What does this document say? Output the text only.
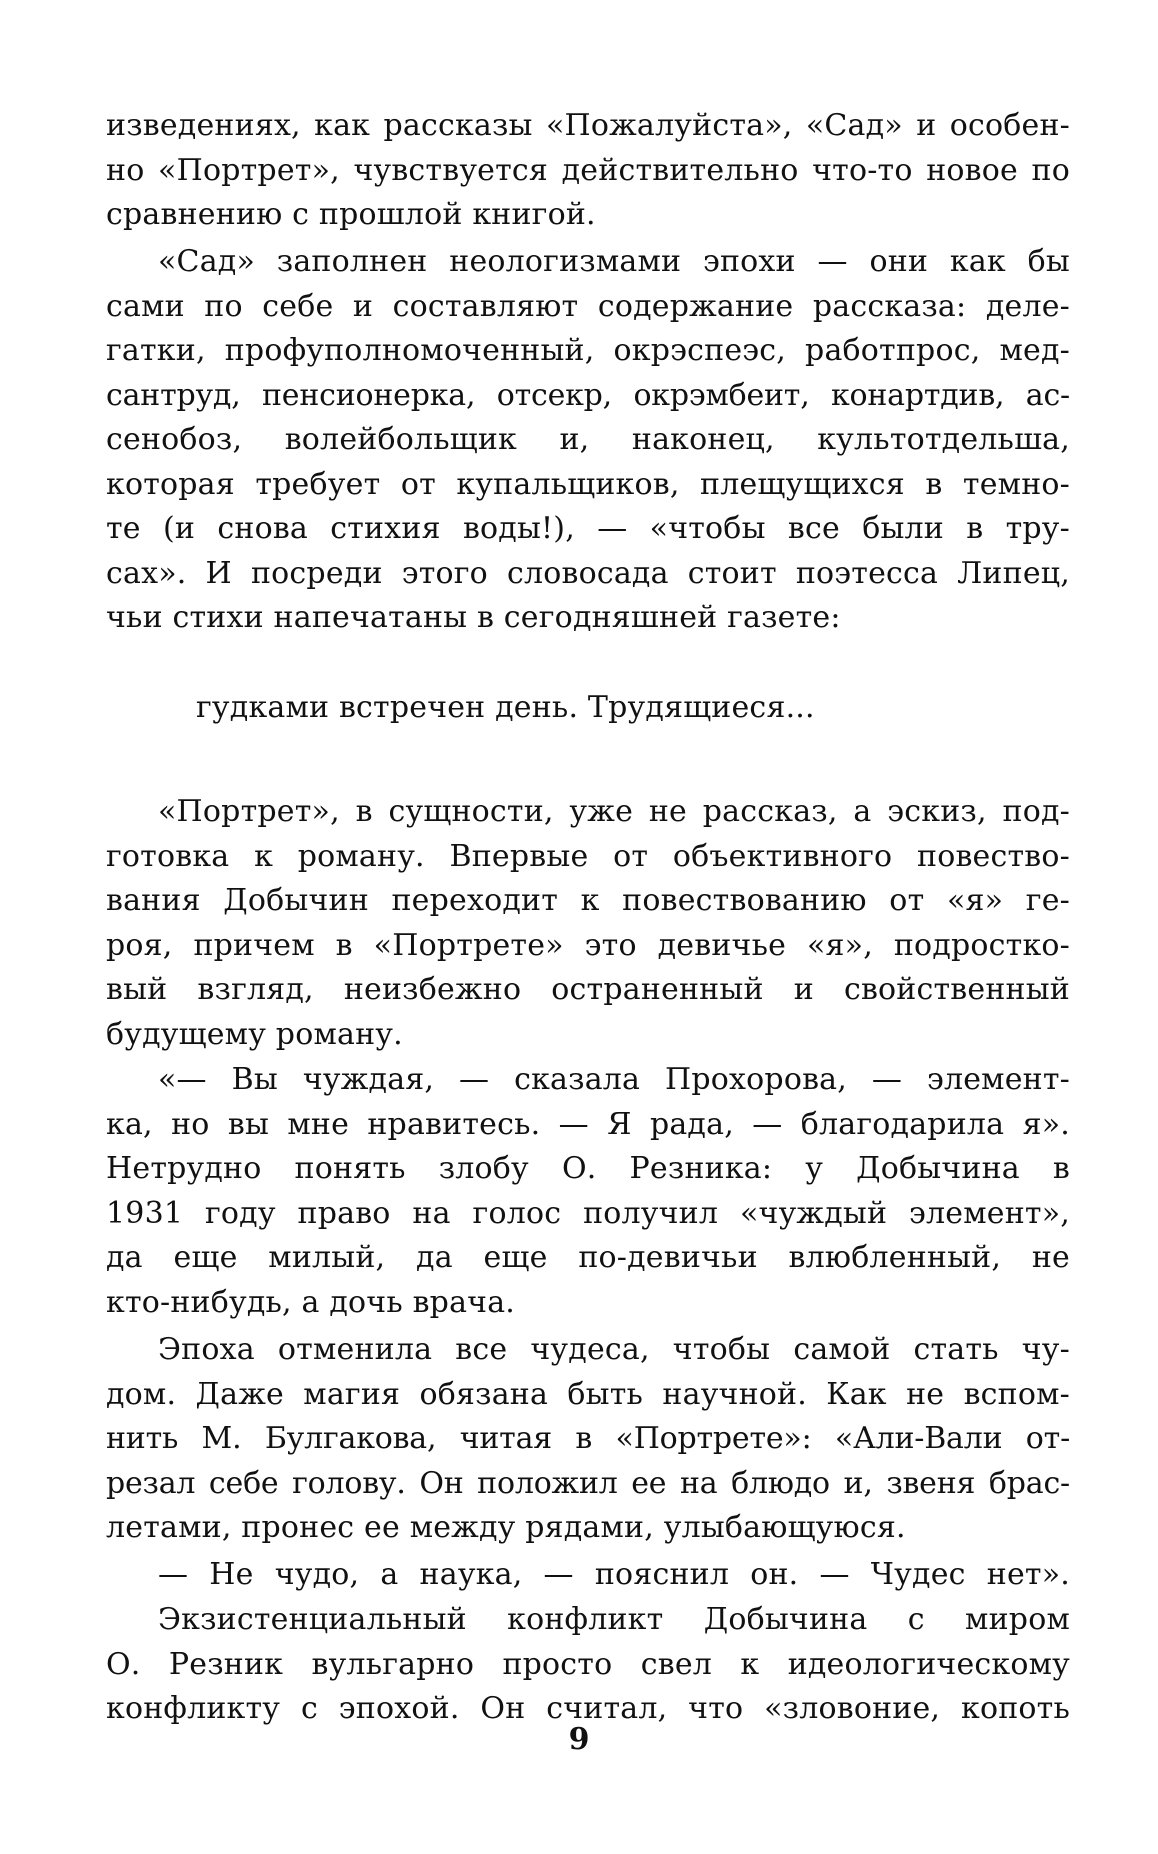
изведениях, как рассказы «Пожалуйста», «Сад» и особен-
но «Портрет», чувствуется действительно что-то новое по
сравнению с прошлой книгой.
«Сад» заполнен неологизмами эпохи — они как бы
сами по себе и составляют содержание рассказа: деле-
гатки, профуполномоченный, окрэспеэс, работпрос, мед-
сантруд, пенсионерка, отсекр, окрэмбеит, конартдив, ас-
сенобоз, волейбольщик и, наконец, культотдельша,
которая требует от купальщиков, плещущихся в темно-
те (и снова стихия воды!), — «чтобы все были в тру-
сах». И посреди этого словосада стоит поэтесса Липец,
чьи стихи напечатаны в сегодняшней газете:
гудками встречен день. Трудящиеся...
«Портрет», в сущности, уже не рассказ, а эскиз, под-
готовка к роману. Впервые от объективного повество-
вания Добычин переходит к повествованию от «я» ге-
роя, причем в «Портрете» это девичье «я», подростко-
вый взгляд, неизбежно остраненный и свойственный
будущему роману.
«— Вы чуждая, — сказала Прохорова, — элемент-
ка, но вы мне нравитесь. — Я рада, — благодарила я».
Нетрудно понять злобу О. Резника: у Добычина в
1931 году право на голос получил «чуждый элемент»,
да еще милый, да еще по-девичьи влюбленный, не
кто-нибудь, а дочь врача.
Эпоха отменила все чудеса, чтобы самой стать чу-
дом. Даже магия обязана быть научной. Как не вспом-
нить М. Булгакова, читая в «Портрете»: «Али-Вали от-
резал себе голову. Он положил ее на блюдо и, звеня брас-
летами, пронес ее между рядами, улыбающуюся.
— Не чудо, а наука, — пояснил он. — Чудес нет».
Экзистенциальный конфликт Добычина с миром
О. Резник вульгарно просто свел к идеологическому
конфликту с эпохой. Он считал, что «зловоние, копоть
9
